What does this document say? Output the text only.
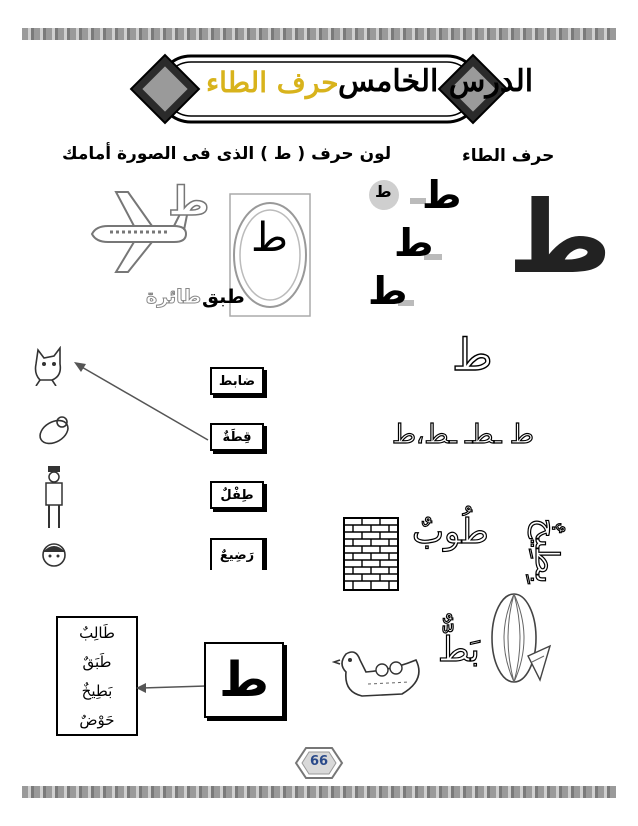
الدرس الخامس
حرف الطاء
لون حرف ( ط ) الذى فى الصورة أمامك	حرف الطاء
ط
طائرة
ط
طبق
ط ط
ط
ط ط
ضابط
قِطَةٌ
طِفْلٌ
رَضِيعٌ
ط
ط ـطـ ـط،ط
طُوبٌ بِطِيخٌ
بَطٌّ
طَالِبٌ
طَبَقٌ
بَطِيخٌ
حَوْضٌ
ط
66
